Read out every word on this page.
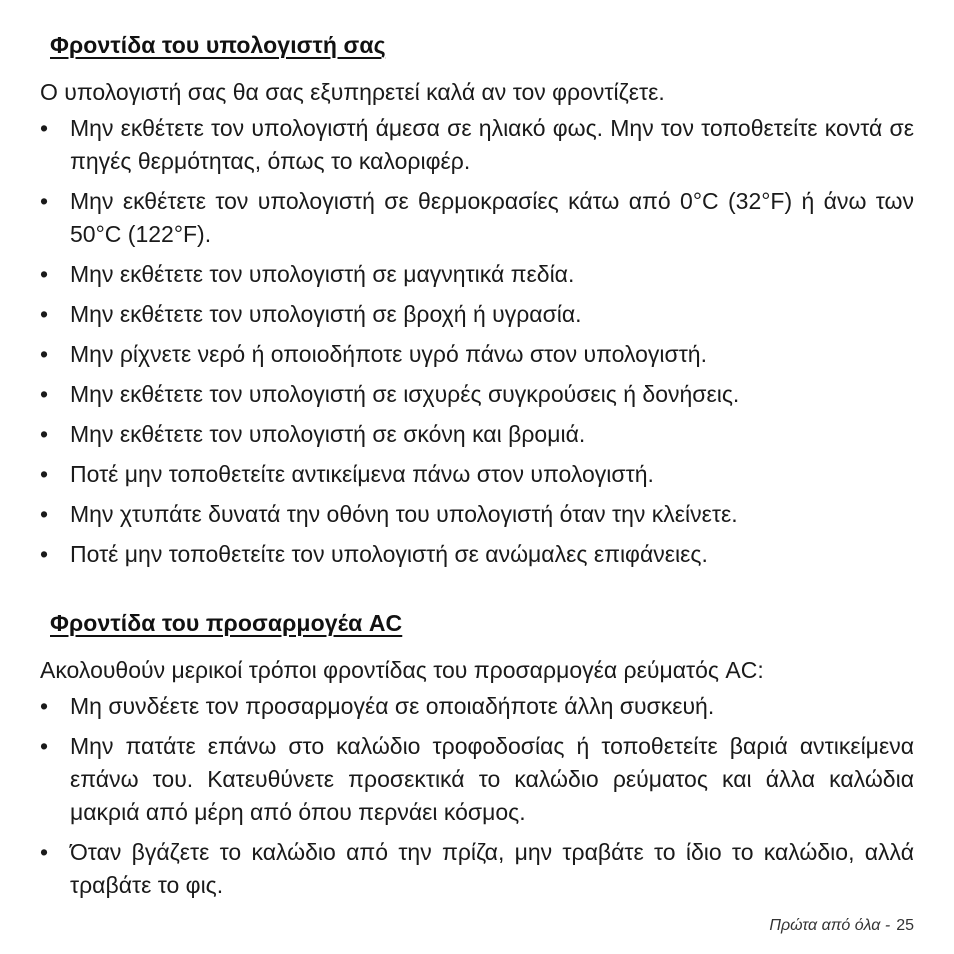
Φροντίδα του υπολογιστή σας

Ο υπολογιστή σας θα σας εξυπηρετεί καλά αν τον φροντίζετε.

• Μην εκθέτετε τον υπολογιστή άμεσα σε ηλιακό φως. Μην τον τοποθετείτε κοντά σε πηγές θερμότητας, όπως το καλοριφέρ.
• Μην εκθέτετε τον υπολογιστή σε θερμοκρασίες κάτω από 0°C (32°F) ή άνω των 50°C (122°F).
• Μην εκθέτετε τον υπολογιστή σε μαγνητικά πεδία.
• Μην εκθέτετε τον υπολογιστή σε βροχή ή υγρασία.
• Μην ρίχνετε νερό ή οποιοδήποτε υγρό πάνω στον υπολογιστή.
• Μην εκθέτετε τον υπολογιστή σε ισχυρές συγκρούσεις ή δονήσεις.
• Μην εκθέτετε τον υπολογιστή σε σκόνη και βρομιά.
• Ποτέ μην τοποθετείτε αντικείμενα πάνω στον υπολογιστή.
• Μην χτυπάτε δυνατά την οθόνη του υπολογιστή όταν την κλείνετε.
• Ποτέ μην τοποθετείτε τον υπολογιστή σε ανώμαλες επιφάνειες.
Φροντίδα του προσαρμογέα AC

Ακολουθούν μερικοί τρόποι φροντίδας του προσαρμογέα ρεύματός AC:

• Μη συνδέετε τον προσαρμογέα σε οποιαδήποτε άλλη συσκευή.
• Μην πατάτε επάνω στο καλώδιο τροφοδοσίας ή τοποθετείτε βαριά αντικείμενα επάνω του. Κατευθύνετε προσεκτικά το καλώδιο ρεύματος και άλλα καλώδια μακριά από μέρη από όπου περνάει κόσμος.
• Όταν βγάζετε το καλώδιο από την πρίζα, μην τραβάτε το ίδιο το καλώδιο, αλλά τραβάτε το φις.
Πρώτα από όλα - 25
